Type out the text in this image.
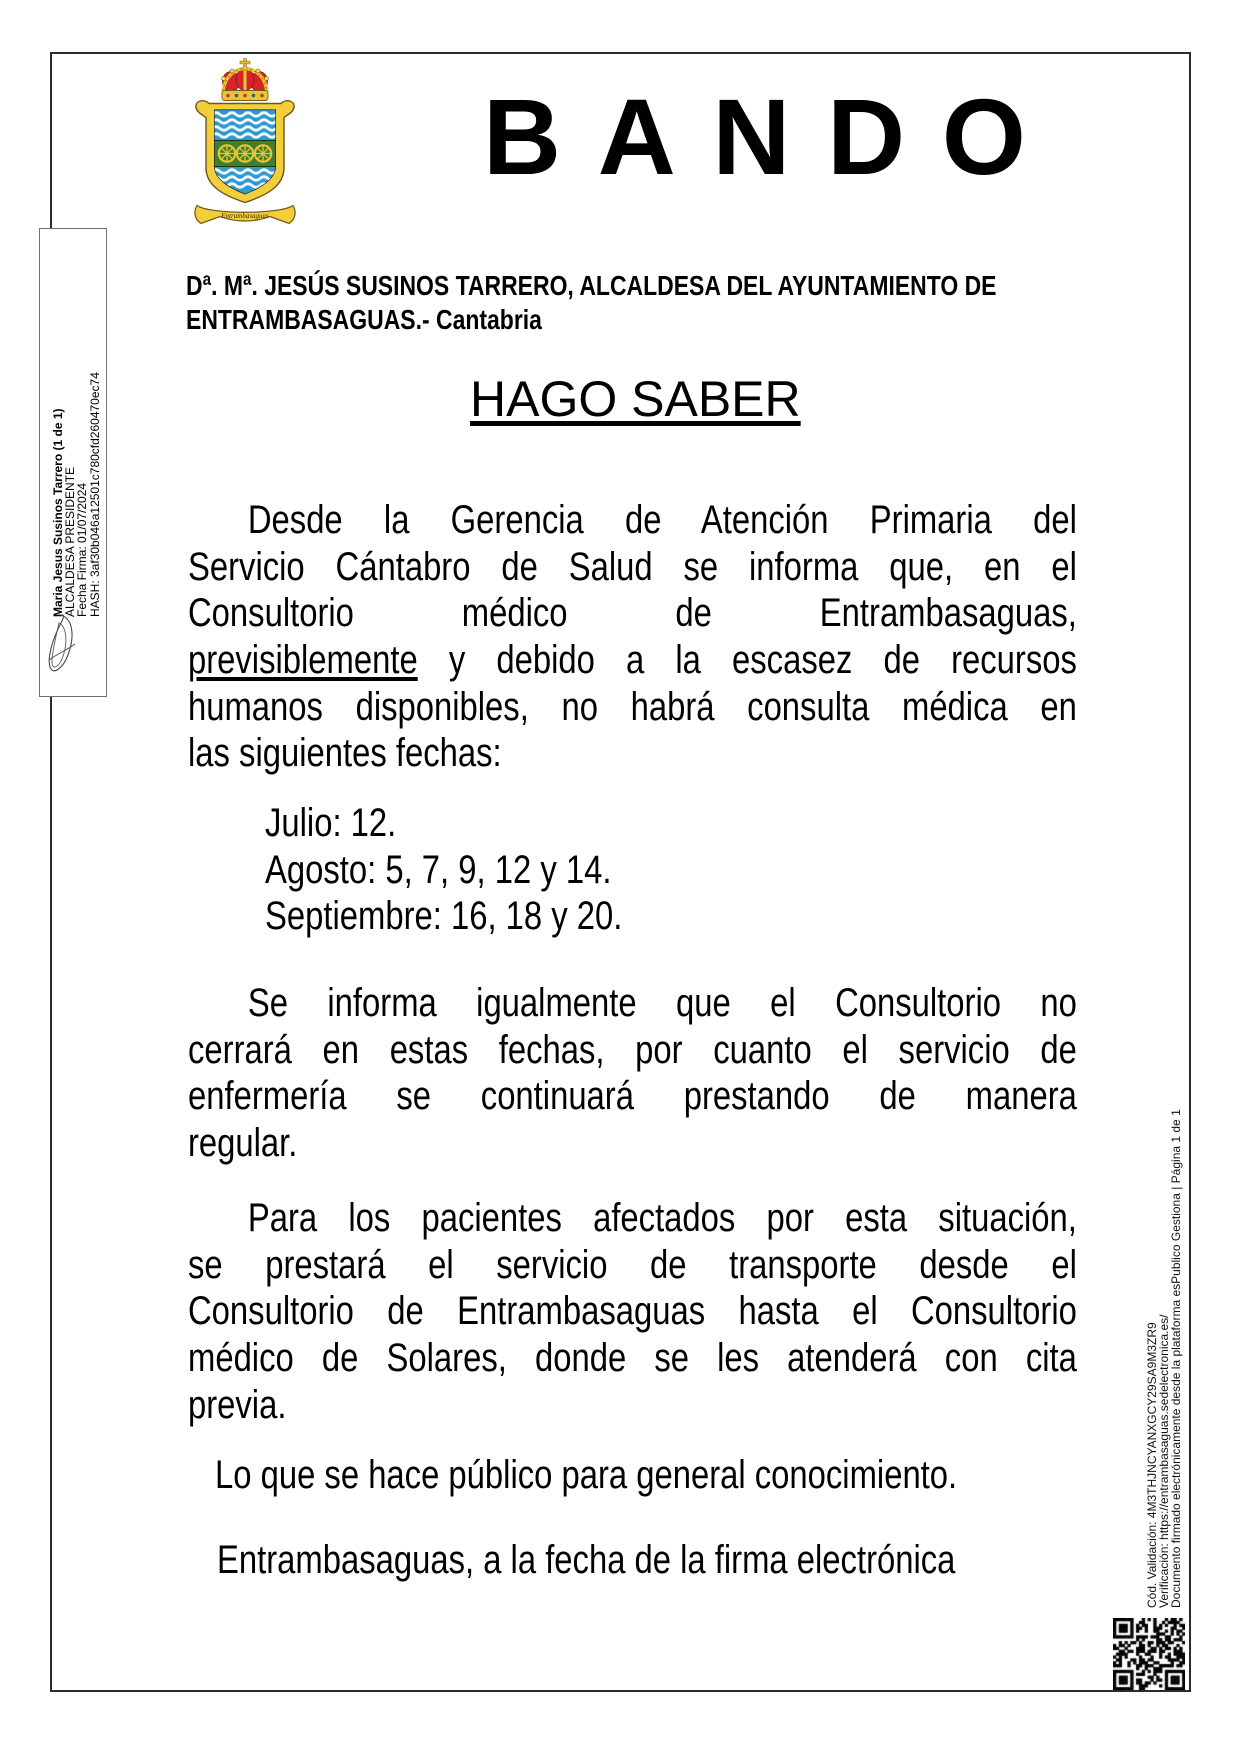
Entrambasaguas
BANDO
Dª. Mª. JESÚS SUSINOS TARRERO, ALCALDESA DEL AYUNTAMIENTO DE
ENTRAMBASAGUAS.- Cantabria
HAGO SABER
Desde la Gerencia de Atención Primaria del
Servicio Cántabro de Salud se informa que, en el
Consultorio médico de Entrambasaguas,
previsiblemente y debido a la escasez de recursos
humanos disponibles, no habrá consulta médica en
las siguientes fechas:
Julio: 12.
Agosto: 5, 7, 9, 12 y 14.
Septiembre: 16, 18 y 20.
Se informa igualmente que el Consultorio no
cerrará en estas fechas, por cuanto el servicio de
enfermería se continuará prestando de manera
regular.
Para los pacientes afectados por esta situación,
se prestará el servicio de transporte desde el
Consultorio de Entrambasaguas hasta el Consultorio
médico de Solares, donde se les atenderá con cita
previa.
Lo que se hace público para general conocimiento.
Entrambasaguas, a la fecha de la firma electrónica
Maria Jesus Susinos Tarrero (1 de 1)
ALCALDESA PRESIDENTE
Fecha Firma: 01/07/2024
HASH: 3af30b046a12501c780cfd260470ec74
Cód. Validación: 4M3THJNCYANXGCY29SA9M3ZR9
Verificación: https://entrambasaguas.sedelectronica.es/
Documento firmado electrónicamente desde la plataforma esPublico Gestiona | Página 1 de 1
